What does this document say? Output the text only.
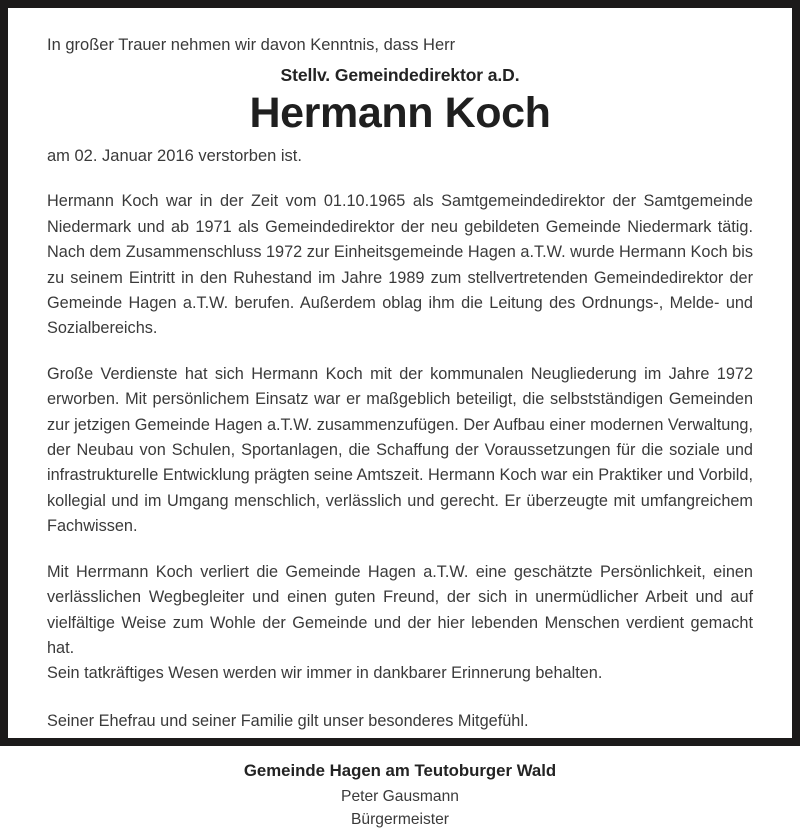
In großer Trauer nehmen wir davon Kenntnis, dass Herr

Stellv. Gemeindedirektor a.D.

Hermann Koch

am 02. Januar 2016 verstorben ist.

Hermann Koch war in der Zeit vom 01.10.1965 als Samtgemeindedirektor der Samtgemeinde Niedermark und ab 1971 als Gemeindedirektor der neu gebildeten Gemeinde Niedermark tätig. Nach dem Zusammenschluss 1972 zur Einheitsgemeinde Hagen a.T.W. wurde Hermann Koch bis zu seinem Eintritt in den Ruhestand im Jahre 1989 zum stellvertretenden Gemeindedirektor der Gemeinde Hagen a.T.W. berufen. Außerdem oblag ihm die Leitung des Ordnungs-, Melde- und Sozialbereichs.

Große Verdienste hat sich Hermann Koch mit der kommunalen Neugliederung im Jahre 1972 erworben. Mit persönlichem Einsatz war er maßgeblich beteiligt, die selbstständigen Gemeinden zur jetzigen Gemeinde Hagen a.T.W. zusammenzufügen. Der Aufbau einer modernen Verwaltung, der Neubau von Schulen, Sportanlagen, die Schaffung der Voraussetzungen für die soziale und infrastrukturelle Entwicklung prägten seine Amtszeit. Hermann Koch war ein Praktiker und Vorbild, kollegial und im Umgang menschlich, verlässlich und gerecht. Er überzeugte mit umfangreichem Fachwissen.

Mit Herrmann Koch verliert die Gemeinde Hagen a.T.W. eine geschätzte Persönlichkeit, einen verlässlichen Wegbegleiter und einen guten Freund, der sich in unermüdlicher Arbeit und auf vielfältige Weise zum Wohle der Gemeinde und der hier lebenden Menschen verdient gemacht hat.

Sein tatkräftiges Wesen werden wir immer in dankbarer Erinnerung behalten.

Seiner Ehefrau und seiner Familie gilt unser besonderes Mitgefühl.

Gemeinde Hagen am Teutoburger Wald

Peter Gausmann

Bürgermeister
